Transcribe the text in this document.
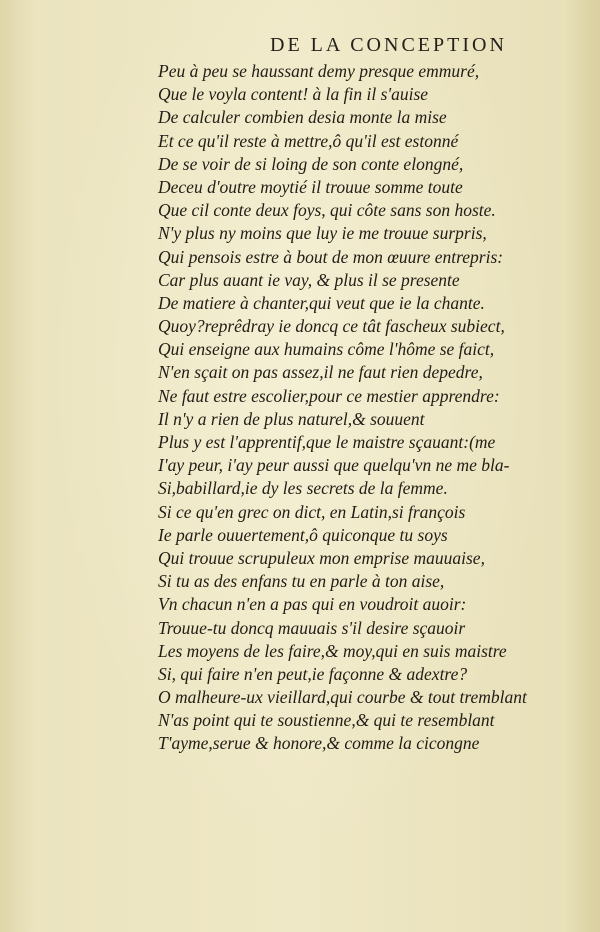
DE LA CONCEPTION
Peu à peu se haussant demy presque emmuré,
Que le voyla content! à la fin il s'auise
De calculer combien desia monte la mise
Et ce qu'il reste à mettre,ô qu'il est estonné
De se voir de si loing de son conte elongné,
Deceu d'outre moytié il trouue somme toute
Que cil conte deux foys, qui côte sans son hoste.
N'y plus ny moins que luy ie me trouue surpris,
Qui pensois estre à bout de mon œuure entrepris:
Car plus auant ie vay, & plus il se presente
De matiere à chanter,qui veut que ie la chante.
Quoy?reprêdray ie doncq ce tât fascheux subiect,
Qui enseigne aux humains côme l'hôme se faict,
N'en sçait on pas assez,il ne faut rien depedre,
Ne faut estre escolier,pour ce mestier apprendre:
Il n'y a rien de plus naturel,& souuent
Plus y est l'apprentif,que le maistre sçauant:(me
I'ay peur, i'ay peur aussi que quelqu'vn ne me bla-
Si,babillard,ie dy les secrets de la femme.
Si ce qu'en grec on dict, en Latin,si françois
Ie parle ouuertement,ô quiconque tu soys
Qui trouue scrupuleux mon emprise mauuaise,
Si tu as des enfans tu en parle à ton aise,
Vn chacun n'en a pas qui en voudroit auoir:
Trouue-tu doncq mauuais s'il desire sçauoir
Les moyens de les faire,& moy,qui en suis maistre
Si, qui faire n'en peut,ie façonne & adextre?
O malheure-ux vieillard,qui courbe & tout tremblant
N'as point qui te soustienne,& qui te resemblant
T'ayme,serue & honore,& comme la cicongne
